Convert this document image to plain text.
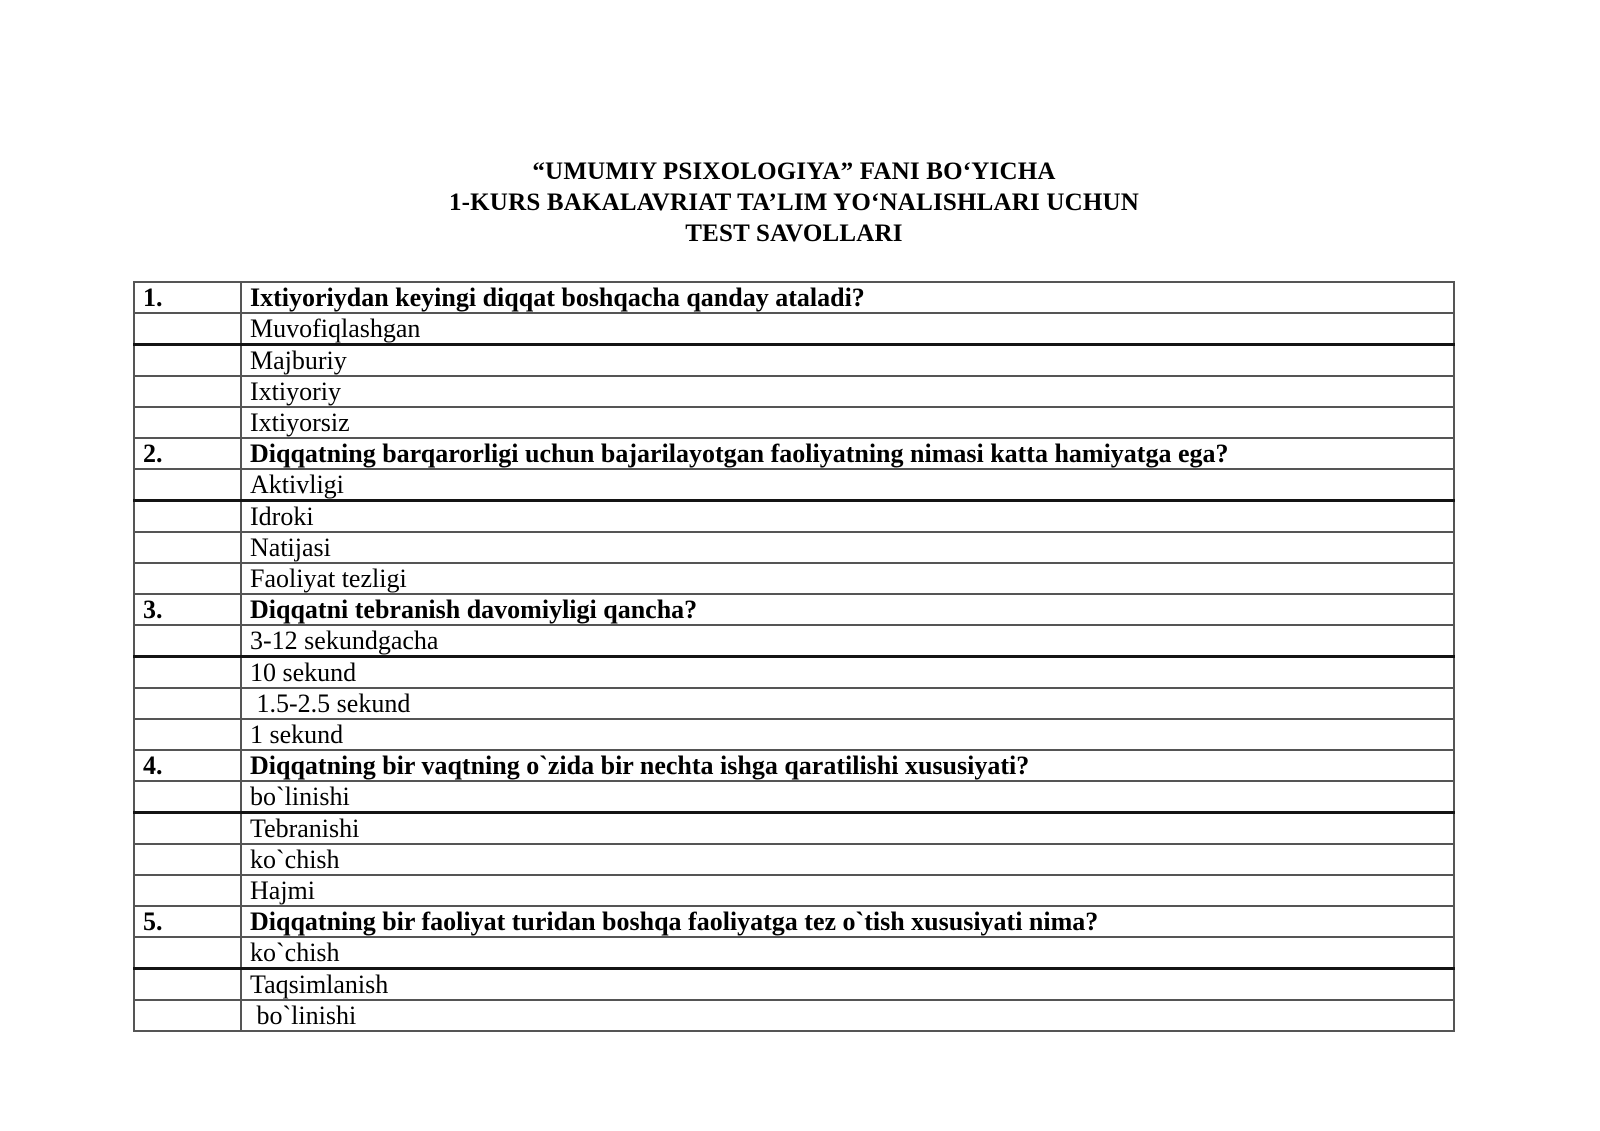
“UMUMIY PSIXOLOGIYA” FANI BO‘YICHA
1-KURS BAKALAVRIAT TA’LIM YO‘NALISHLARI UCHUN
TEST SAVOLLARI
1.	Ixtiyoriydan keyingi diqqat boshqacha qanday ataladi?
	Muvofiqlashgan
	Majburiy
	Ixtiyoriy
	Ixtiyorsiz
2.	Diqqatning barqarorligi uchun bajarilayotgan faoliyatning nimasi katta hamiyatga ega?
	Aktivligi
	Idroki
	Natijasi
	Faoliyat tezligi
3.	Diqqatni tebranish davomiyligi qancha?
	3-12 sekundgacha
	10 sekund
	1.5-2.5 sekund
	1 sekund
4.	Diqqatning bir vaqtning o`zida bir nechta ishga qaratilishi xususiyati?
	bo`linishi
	Tebranishi
	ko`chish
	Hajmi
5.	Diqqatning bir faoliyat turidan boshqa faoliyatga tez o`tish xususiyati nima?
	ko`chish
	Taqsimlanish
	bo`linishi
